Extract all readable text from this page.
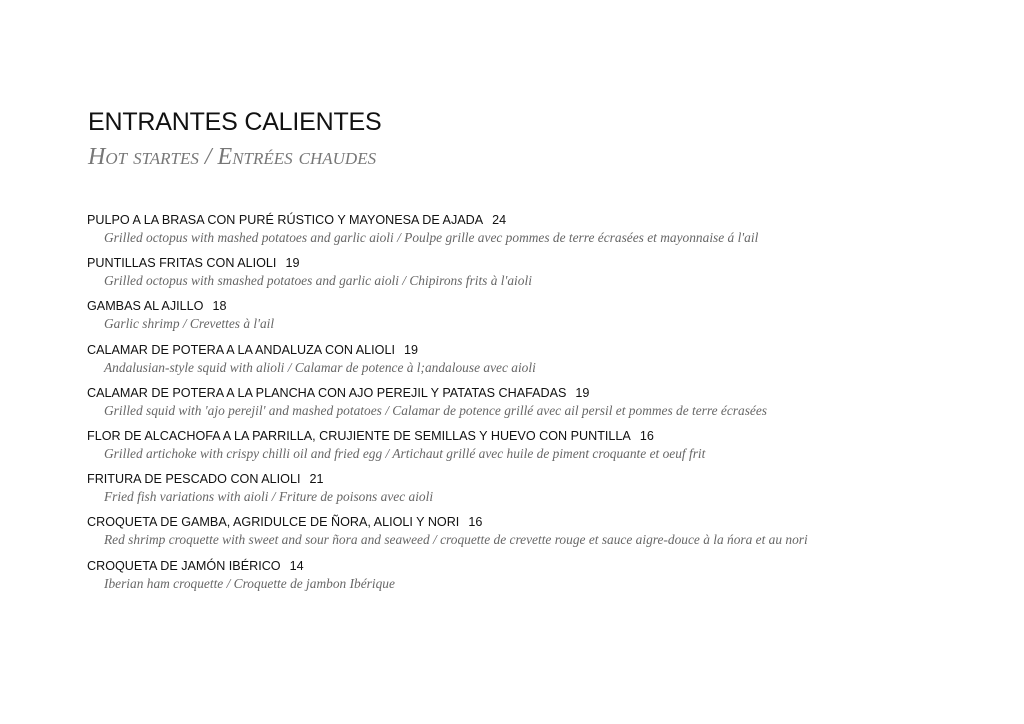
ENTRANTES CALIENTES
Hot startes / Entrées chaudes
PULPO A LA BRASA CON PURÉ RÚSTICO Y MAYONESA DE AJADA 24
Grilled octopus with mashed potatoes and garlic aioli / Poulpe grille avec pommes de terre écrasées et mayonnaise á l'ail
PUNTILLAS FRITAS CON ALIOLI 19
Grilled octopus with smashed potatoes and garlic aioli / Chipirons frits à l'aioli
GAMBAS AL AJILLO 18
Garlic shrimp / Crevettes à l'ail
CALAMAR DE POTERA A LA ANDALUZA CON ALIOLI 19
Andalusian-style squid with alioli / Calamar de potence à l;andalouse avec aioli
CALAMAR DE POTERA A LA PLANCHA CON AJO PEREJIL Y PATATAS CHAFADAS 19
Grilled squid with 'ajo perejil' and mashed potatoes / Calamar de potence grillé avec ail persil et pommes de terre écrasées
FLOR DE ALCACHOFA A LA PARRILLA, CRUJIENTE DE SEMILLAS Y HUEVO CON PUNTILLA 16
Grilled artichoke with crispy chilli oil and fried egg / Artichaut grillé avec huile de piment croquante et oeuf frit
FRITURA DE PESCADO CON ALIOLI 21
Fried fish variations with aioli / Friture de poisons avec aioli
CROQUETA DE GAMBA, AGRIDULCE DE ÑORA, ALIOLI Y NORI 16
Red shrimp croquette with sweet and sour ñora and seaweed / croquette de crevette rouge et sauce aigre-douce à la ńora et au nori
CROQUETA DE JAMÓN IBÉRICO 14
Iberian ham croquette / Croquette de jambon Ibérique
